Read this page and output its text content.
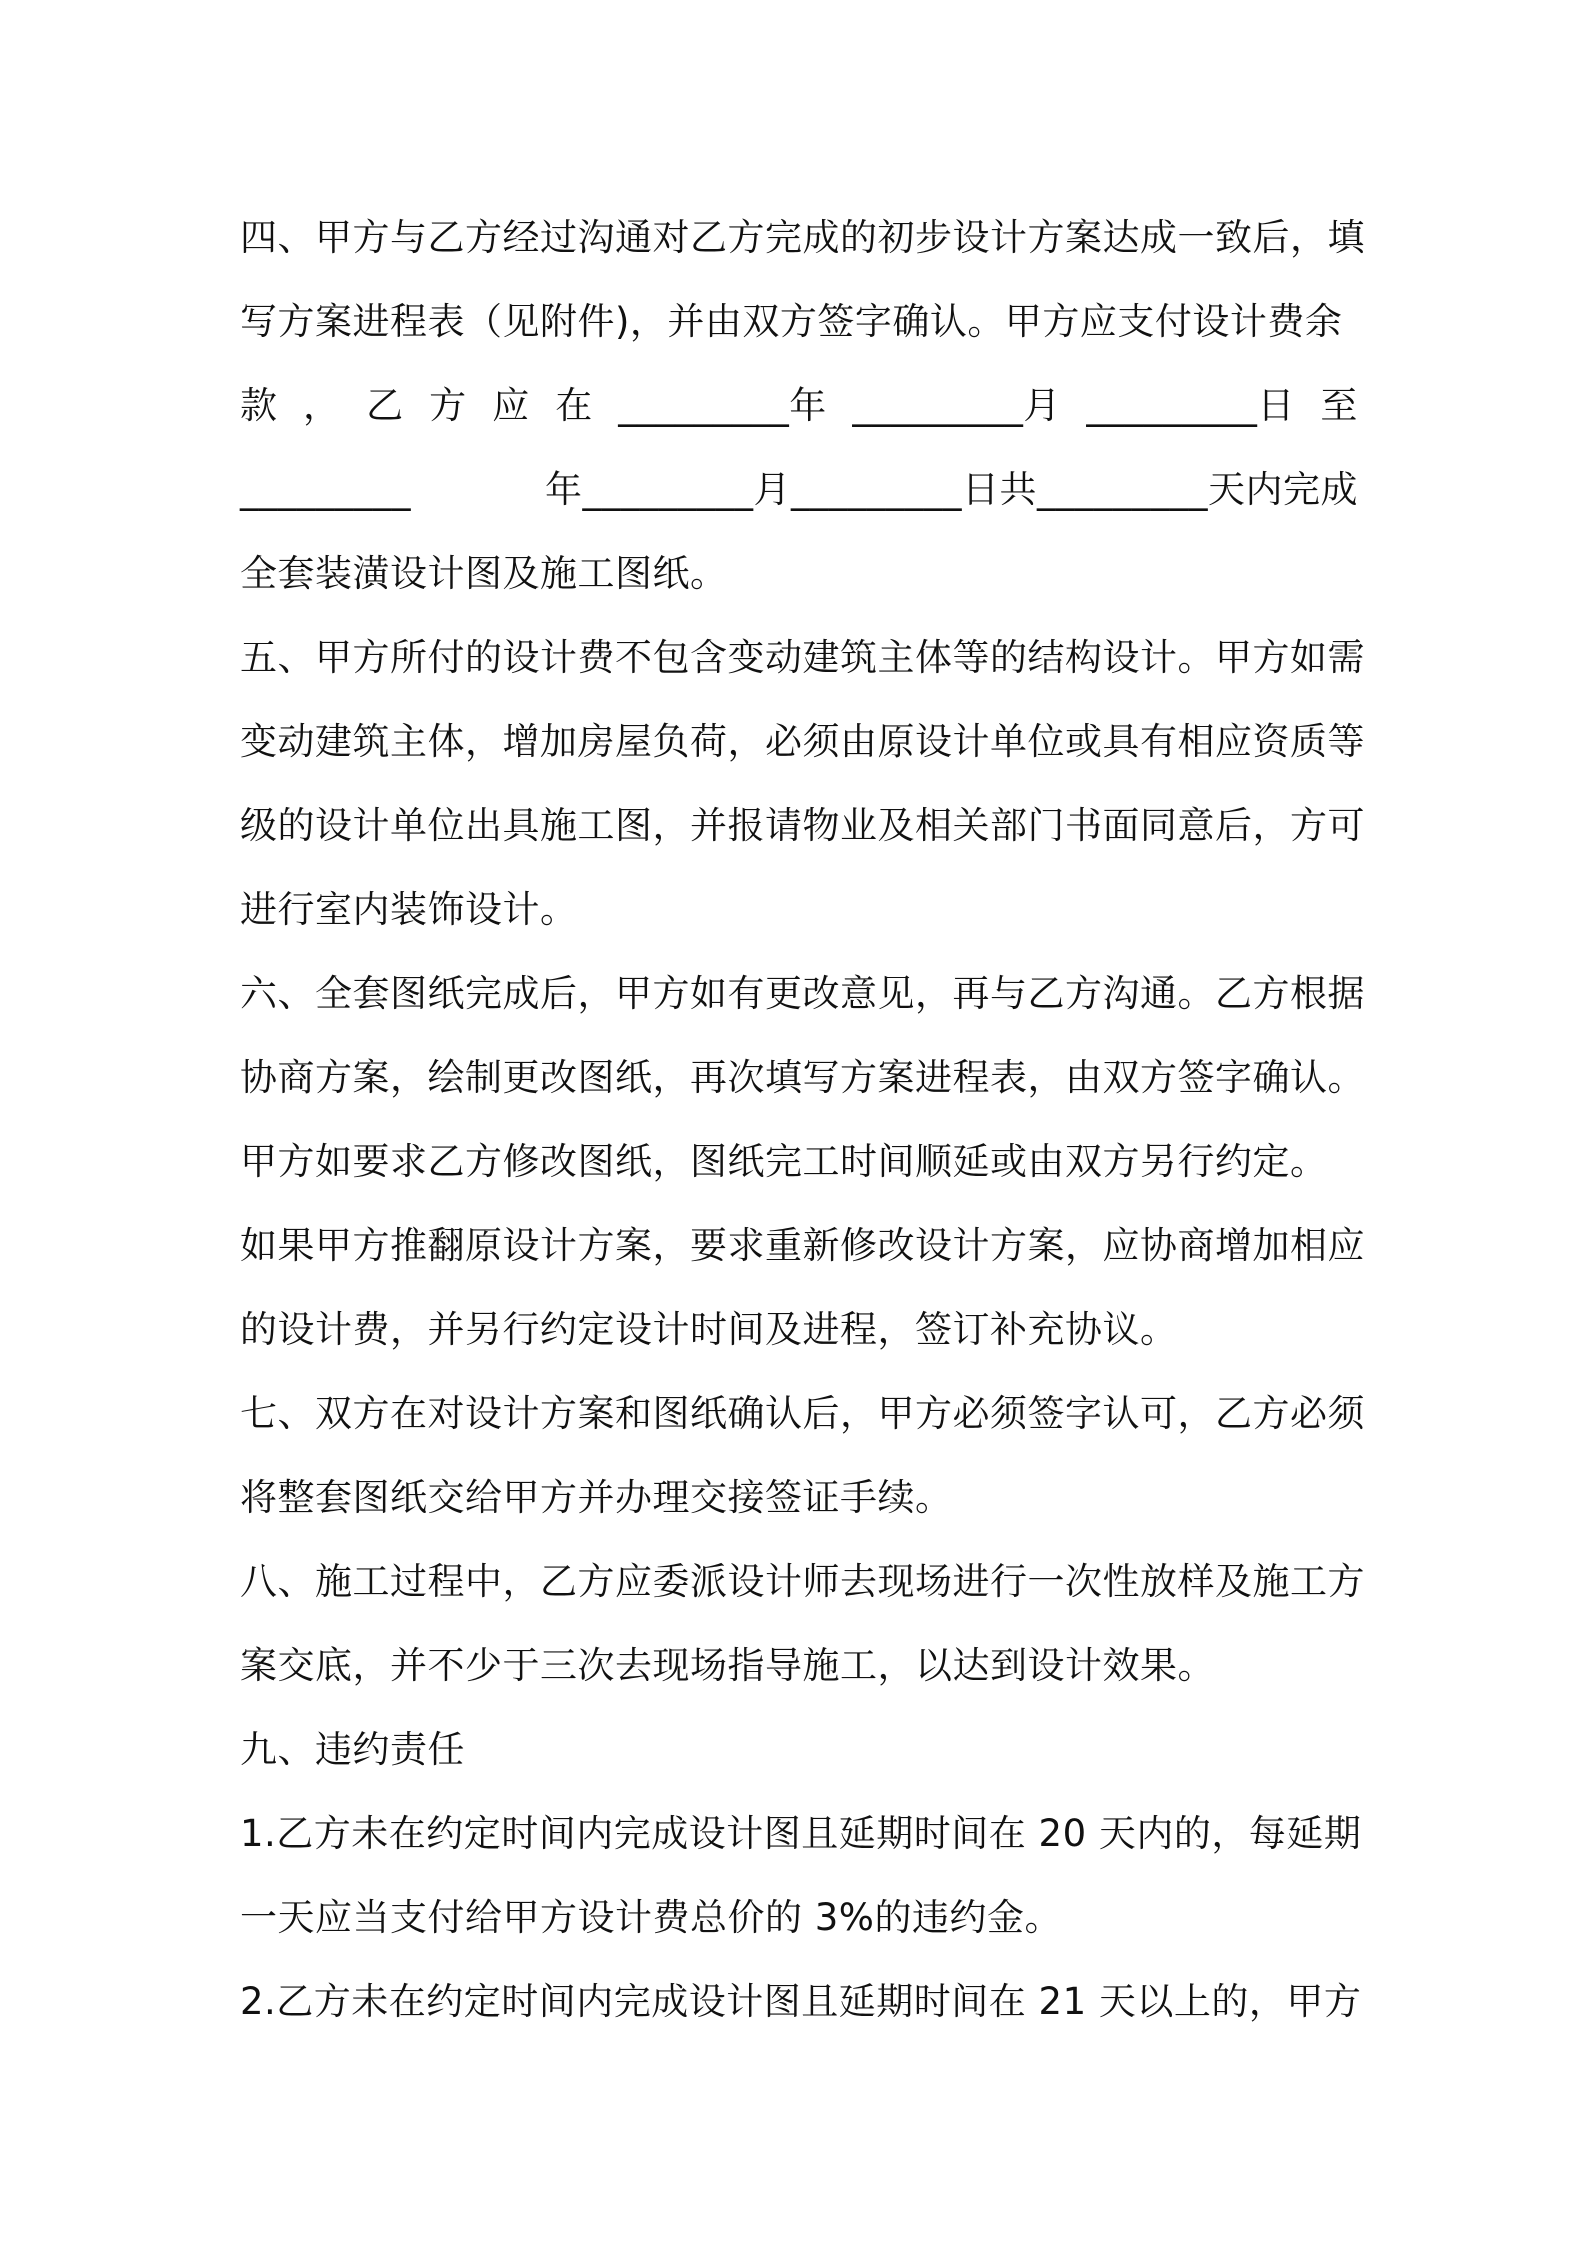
四、甲方与乙方经过沟通对乙方完成的初步设计方案达成一致后，填
写方案进程表（见附件)，并由双方签字确认。甲方应支付设计费余
款 ， 乙 方 应 在 _________年 _________月 _________日 至
_________	年_________月_________日共_________天内完成
全套装潢设计图及施工图纸。
五、甲方所付的设计费不包含变动建筑主体等的结构设计。甲方如需
变动建筑主体，增加房屋负荷，必须由原设计单位或具有相应资质等
级的设计单位出具施工图，并报请物业及相关部门书面同意后，方可
进行室内装饰设计。
六、全套图纸完成后，甲方如有更改意见，再与乙方沟通。乙方根据
协商方案，绘制更改图纸，再次填写方案进程表，由双方签字确认。
甲方如要求乙方修改图纸，图纸完工时间顺延或由双方另行约定。
如果甲方推翻原设计方案，要求重新修改设计方案，应协商增加相应
的设计费，并另行约定设计时间及进程，签订补充协议。
七、双方在对设计方案和图纸确认后，甲方必须签字认可，乙方必须
将整套图纸交给甲方并办理交接签证手续。
八、施工过程中，乙方应委派设计师去现场进行一次性放样及施工方
案交底，并不少于三次去现场指导施工，以达到设计效果。
九、违约责任
1.乙方未在约定时间内完成设计图且延期时间在 20 天内的，每延期
一天应当支付给甲方设计费总价的 3%的违约金。
2.乙方未在约定时间内完成设计图且延期时间在 21 天以上的，甲方
